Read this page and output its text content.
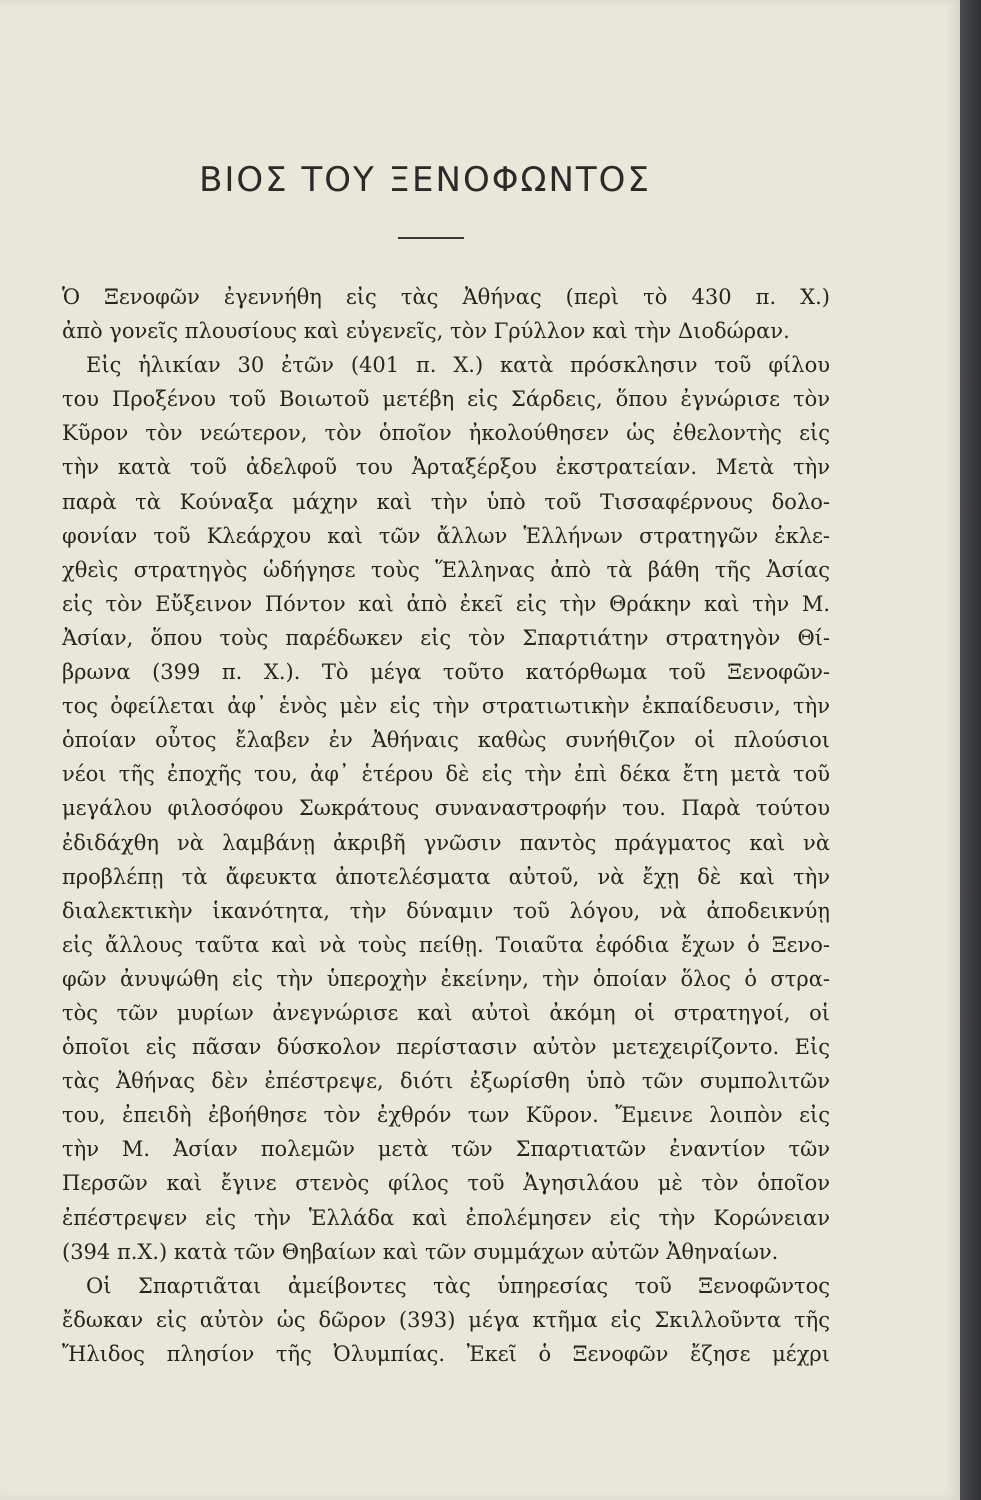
ΒΙΟΣ ΤΟΥ ΞΕΝΟΦΩΝΤΟΣ
Ὁ Ξενοφῶν ἐγεννήθη εἰς τὰς Ἀθήνας (περὶ τὸ 430 π. Χ.)
ἀπὸ γονεῖς πλουσίους καὶ εὐγενεῖς, τὸν Γρύλλον καὶ τὴν Διοδώραν.
Εἰς ἡλικίαν 30 ἐτῶν (401 π. Χ.) κατὰ πρόσκλησιν τοῦ φίλου
του Προξένου τοῦ Βοιωτοῦ μετέβη εἰς Σάρδεις, ὅπου ἐγνώρισε τὸν
Κῦρον τὸν νεώτερον, τὸν ὁποῖον ἠκολούθησεν ὡς ἐθελοντὴς εἰς
τὴν κατὰ τοῦ ἀδελφοῦ του Ἀρταξέρξου ἐκστρατείαν. Μετὰ τὴν
παρὰ τὰ Κούναξα μάχην καὶ τὴν ὑπὸ τοῦ Τισσαφέρνους δολο-
φονίαν τοῦ Κλεάρχου καὶ τῶν ἄλλων Ἑλλήνων στρατηγῶν ἐκλε-
χθεὶς στρατηγὸς ὡδήγησε τοὺς Ἕλληνας ἀπὸ τὰ βάθη τῆς Ἀσίας
εἰς τὸν Εὔξεινον Πόντον καὶ ἀπὸ ἐκεῖ εἰς τὴν Θράκην καὶ τὴν Μ.
Ἀσίαν, ὅπου τοὺς παρέδωκεν εἰς τὸν Σπαρτιάτην στρατηγὸν Θί-
βρωνα (399 π. Χ.). Τὸ μέγα τοῦτο κατόρθωμα τοῦ Ξενοφῶν-
τος ὀφείλεται ἀφ᾽ ἑνὸς μὲν εἰς τὴν στρατιωτικὴν ἐκπαίδευσιν, τὴν
ὁποίαν οὗτος ἔλαβεν ἐν Ἀθήναις καθὼς συνήθιζον οἱ πλούσιοι
νέοι τῆς ἐποχῆς του, ἀφ᾽ ἑτέρου δὲ εἰς τὴν ἐπὶ δέκα ἔτη μετὰ τοῦ
μεγάλου φιλοσόφου Σωκράτους συναναστροφήν του. Παρὰ τούτου
ἐδιδάχθη νὰ λαμβάνῃ ἀκριβῆ γνῶσιν παντὸς πράγματος καὶ νὰ
προβλέπῃ τὰ ἄφευκτα ἀποτελέσματα αὐτοῦ, νὰ ἔχῃ δὲ καὶ τὴν
διαλεκτικὴν ἱκανότητα, τὴν δύναμιν τοῦ λόγου, νὰ ἀποδεικνύῃ
εἰς ἄλλους ταῦτα καὶ νὰ τοὺς πείθῃ. Τοιαῦτα ἐφόδια ἔχων ὁ Ξενο-
φῶν ἀνυψώθη εἰς τὴν ὑπεροχὴν ἐκείνην, τὴν ὁποίαν ὅλος ὁ στρα-
τὸς τῶν μυρίων ἀνεγνώρισε καὶ αὐτοὶ ἀκόμη οἱ στρατηγοί, οἱ
ὁποῖοι εἰς πᾶσαν δύσκολον περίστασιν αὐτὸν μετεχειρίζοντο. Εἰς
τὰς Ἀθήνας δὲν ἐπέστρεψε, διότι ἐξωρίσθη ὑπὸ τῶν συμπολιτῶν
του, ἐπειδὴ ἐβοήθησε τὸν ἐχθρόν των Κῦρον. Ἔμεινε λοιπὸν εἰς
τὴν Μ. Ἀσίαν πολεμῶν μετὰ τῶν Σπαρτιατῶν ἐναντίον τῶν
Περσῶν καὶ ἔγινε στενὸς φίλος τοῦ Ἀγησιλάου μὲ τὸν ὁποῖον
ἐπέστρεψεν εἰς τὴν Ἑλλάδα καὶ ἐπολέμησεν εἰς τὴν Κορώνειαν
(394 π.Χ.) κατὰ τῶν Θηβαίων καὶ τῶν συμμάχων αὐτῶν Ἀθηναίων.
Οἱ Σπαρτιᾶται ἀμείβοντες τὰς ὑπηρεσίας τοῦ Ξενοφῶντος
ἔδωκαν εἰς αὐτὸν ὡς δῶρον (393) μέγα κτῆμα εἰς Σκιλλοῦντα τῆς
Ἤλιδος πλησίον τῆς Ὀλυμπίας. Ἐκεῖ ὁ Ξενοφῶν ἔζησε μέχρι
